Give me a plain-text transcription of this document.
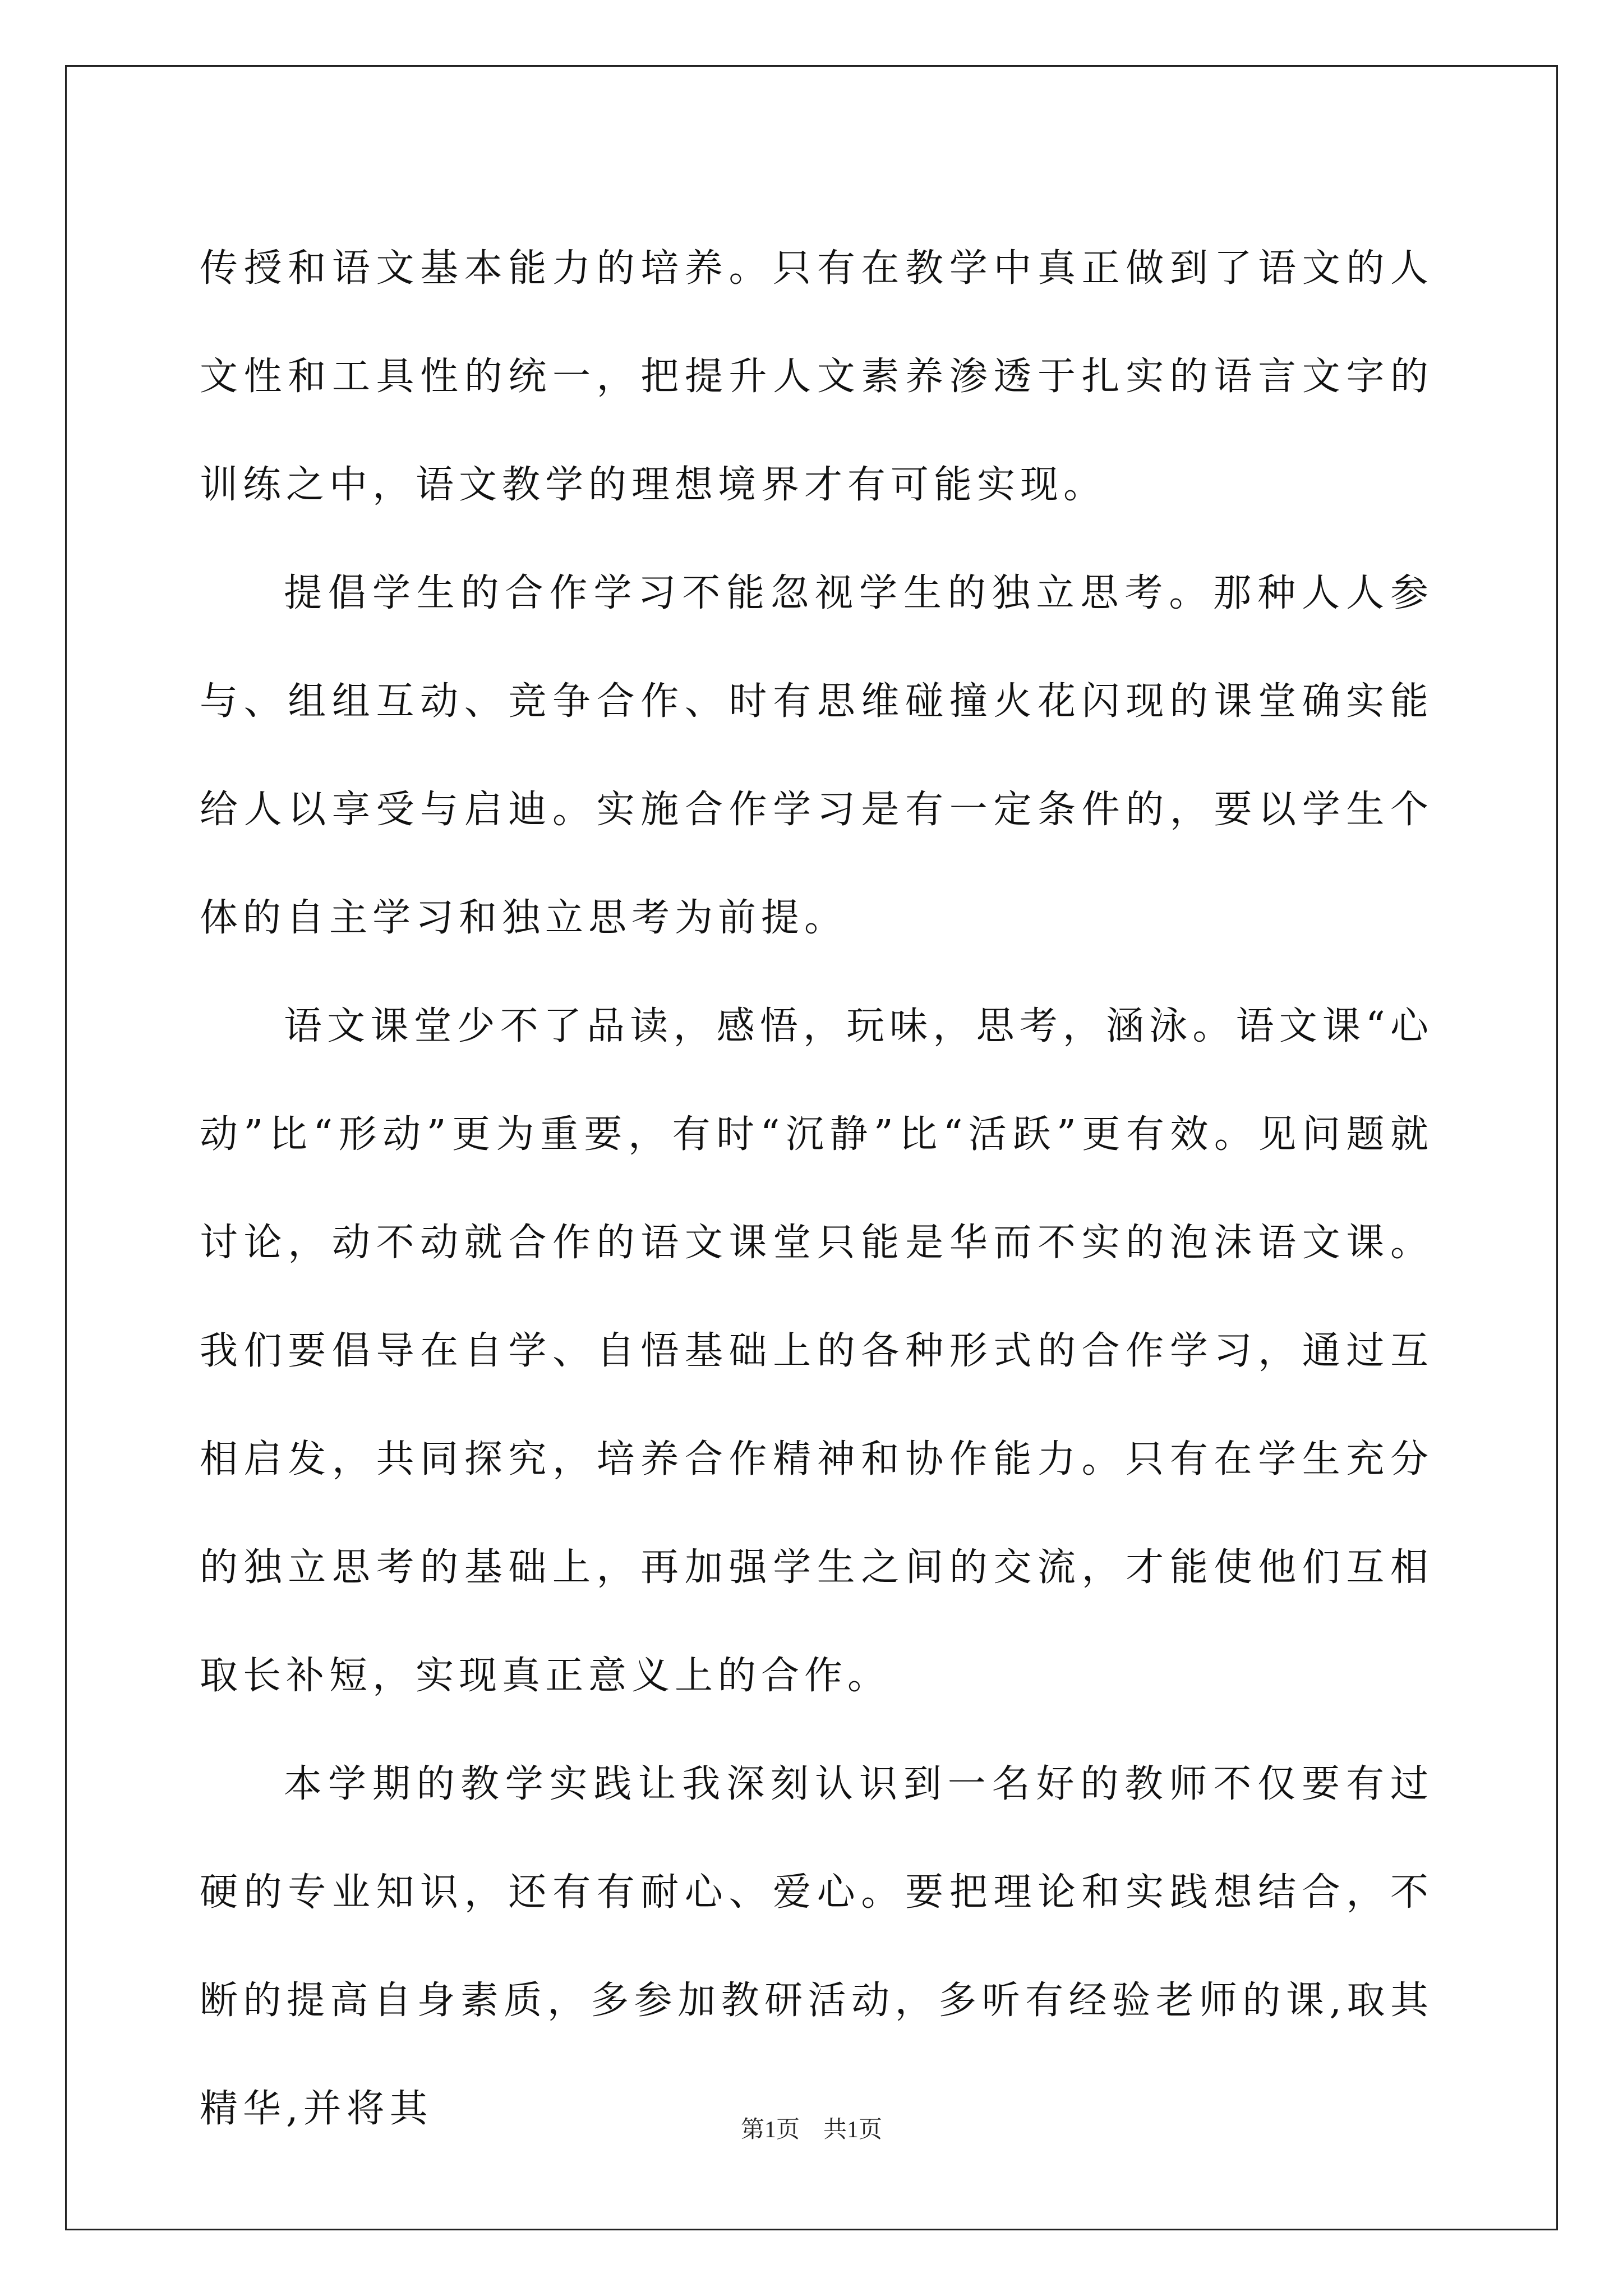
传授和语文基本能力的培养。只有在教学中真正做到了语文的人文性和工具性的统一，把提升人文素养渗透于扎实的语言文字的训练之中，语文教学的理想境界才有可能实现。

提倡学生的合作学习不能忽视学生的独立思考。那种人人参与、组组互动、竞争合作、时有思维碰撞火花闪现的课堂确实能给人以享受与启迪。实施合作学习是有一定条件的，要以学生个体的自主学习和独立思考为前提。

语文课堂少不了品读，感悟，玩味，思考，涵泳。语文课“心动”比“形动”更为重要，有时“沉静”比“活跃”更有效。见问题就讨论，动不动就合作的语文课堂只能是华而不实的泡沫语文课。我们要倡导在自学、自悟基础上的各种形式的合作学习，通过互相启发，共同探究，培养合作精神和协作能力。只有在学生充分的独立思考的基础上，再加强学生之间的交流，才能使他们互相取长补短，实现真正意义上的合作。

本学期的教学实践让我深刻认识到一名好的教师不仅要有过硬的专业知识，还有有耐心、爱心。要把理论和实践想结合，不断的提高自身素质，多参加教研活动，多听有经验老师的课,取其精华,并将其	第1页　共1页
